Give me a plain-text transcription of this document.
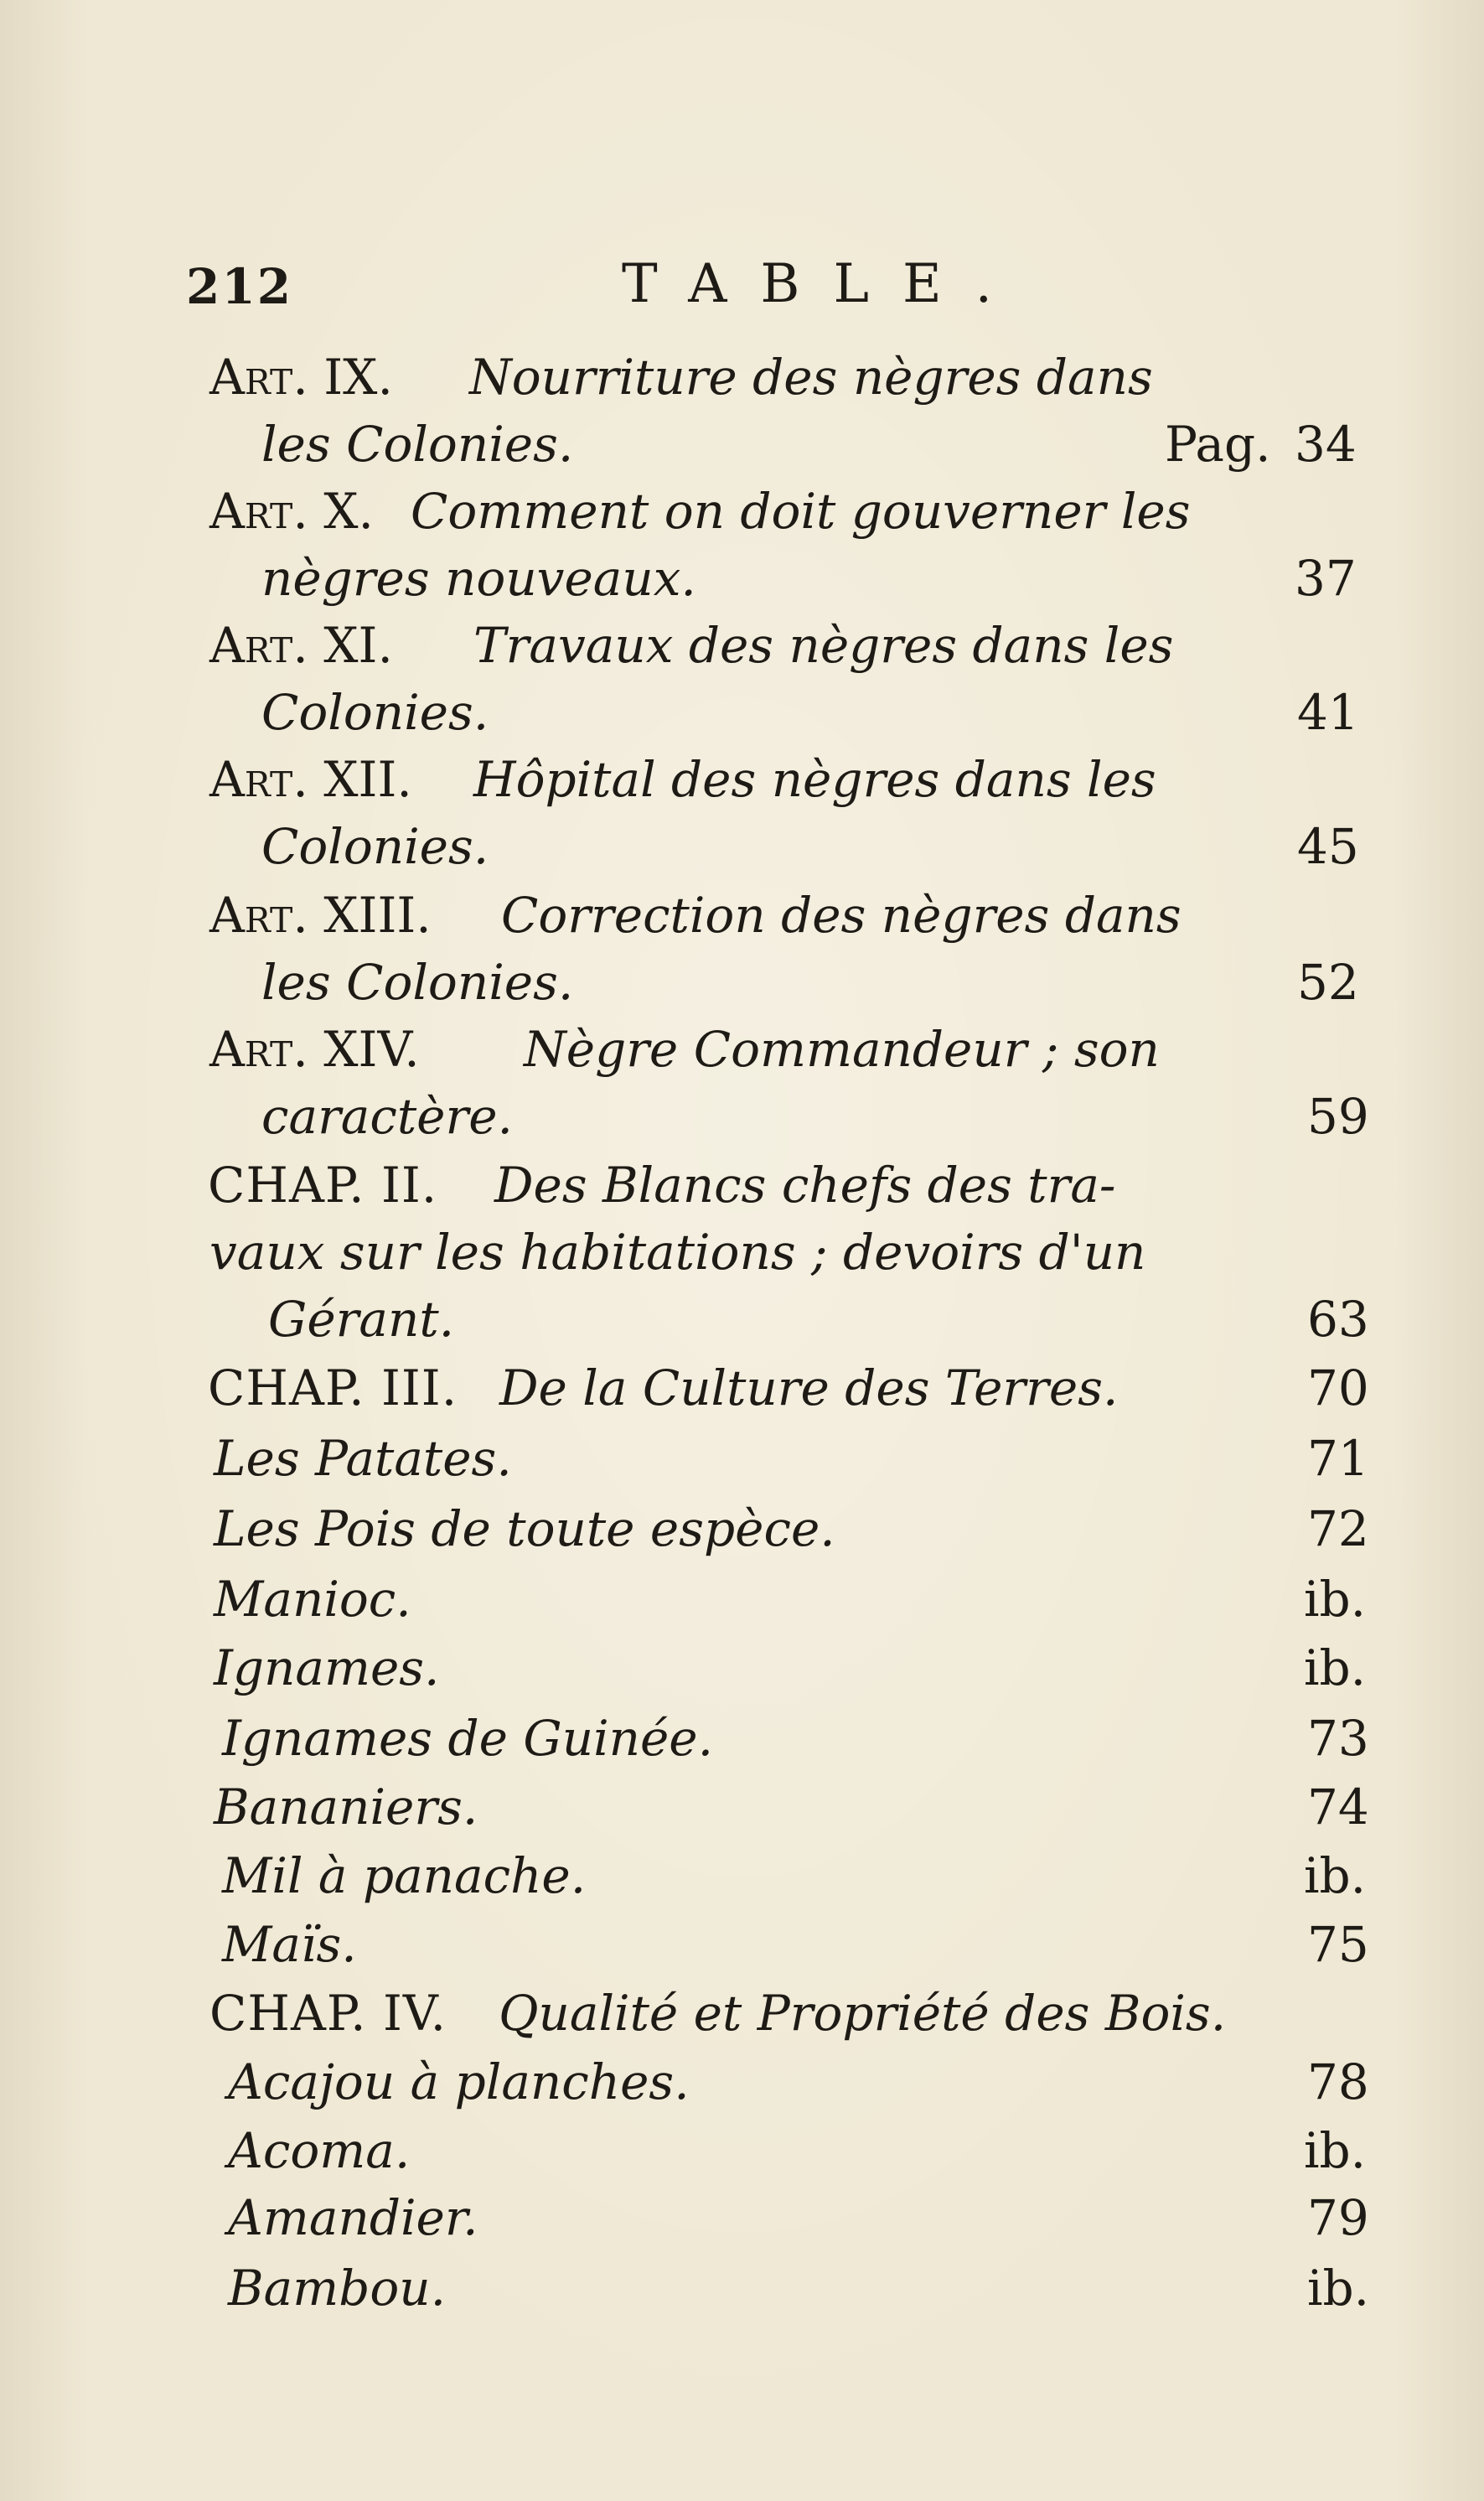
212	TABLE.
Art. IX. Nourriture des nègres dans
les Colonies.	Pag. 34
Art. X. Comment on doit gouverner les
nègres nouveaux.	37
Art. XI. Travaux des nègres dans les
Colonies.	41
Art. XII. Hôpital des nègres dans les
Colonies.	45
Art. XIII. Correction des nègres dans
les Colonies.	52
Art. XIV. Nègre Commandeur ; son
caractère.	59
CHAP. II. Des Blancs chefs des tra-
vaux sur les habitations ; devoirs d'un
Gérant.	63
CHAP. III. De la Culture des Terres.	70
Les Patates.	71
Les Pois de toute espèce.	72
Manioc.	ib.
Ignames.	ib.
Ignames de Guinée.	73
Bananiers.	74
Mil à panache.	ib.
Maïs.	75
CHAP. IV. Qualité et Propriété des Bois.
Acajou à planches.	78
Acoma.	ib.
Amandier.	79
Bambou.	ib.
